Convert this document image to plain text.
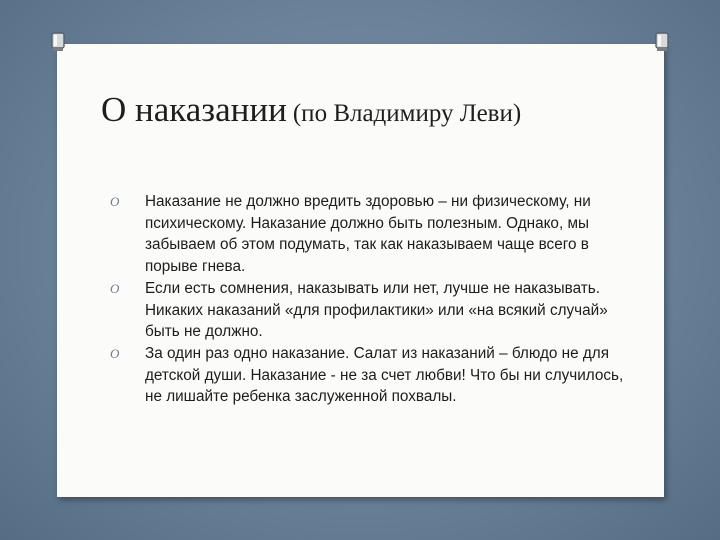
О наказании (по Владимиру Леви)
O Наказание не должно вредить здоровью – ни физическому, ни психическому. Наказание должно быть полезным. Однако, мы забываем об этом подумать, так как наказываем чаще всего в порыве гнева.
O Если есть сомнения, наказывать или нет, лучше не наказывать. Никаких наказаний «для профилактики» или «на всякий случай» быть не должно.
O За один раз одно наказание. Салат из наказаний – блюдо не для детской души. Наказание - не за счет любви! Что бы ни случилось, не лишайте ребенка заслуженной похвалы.
